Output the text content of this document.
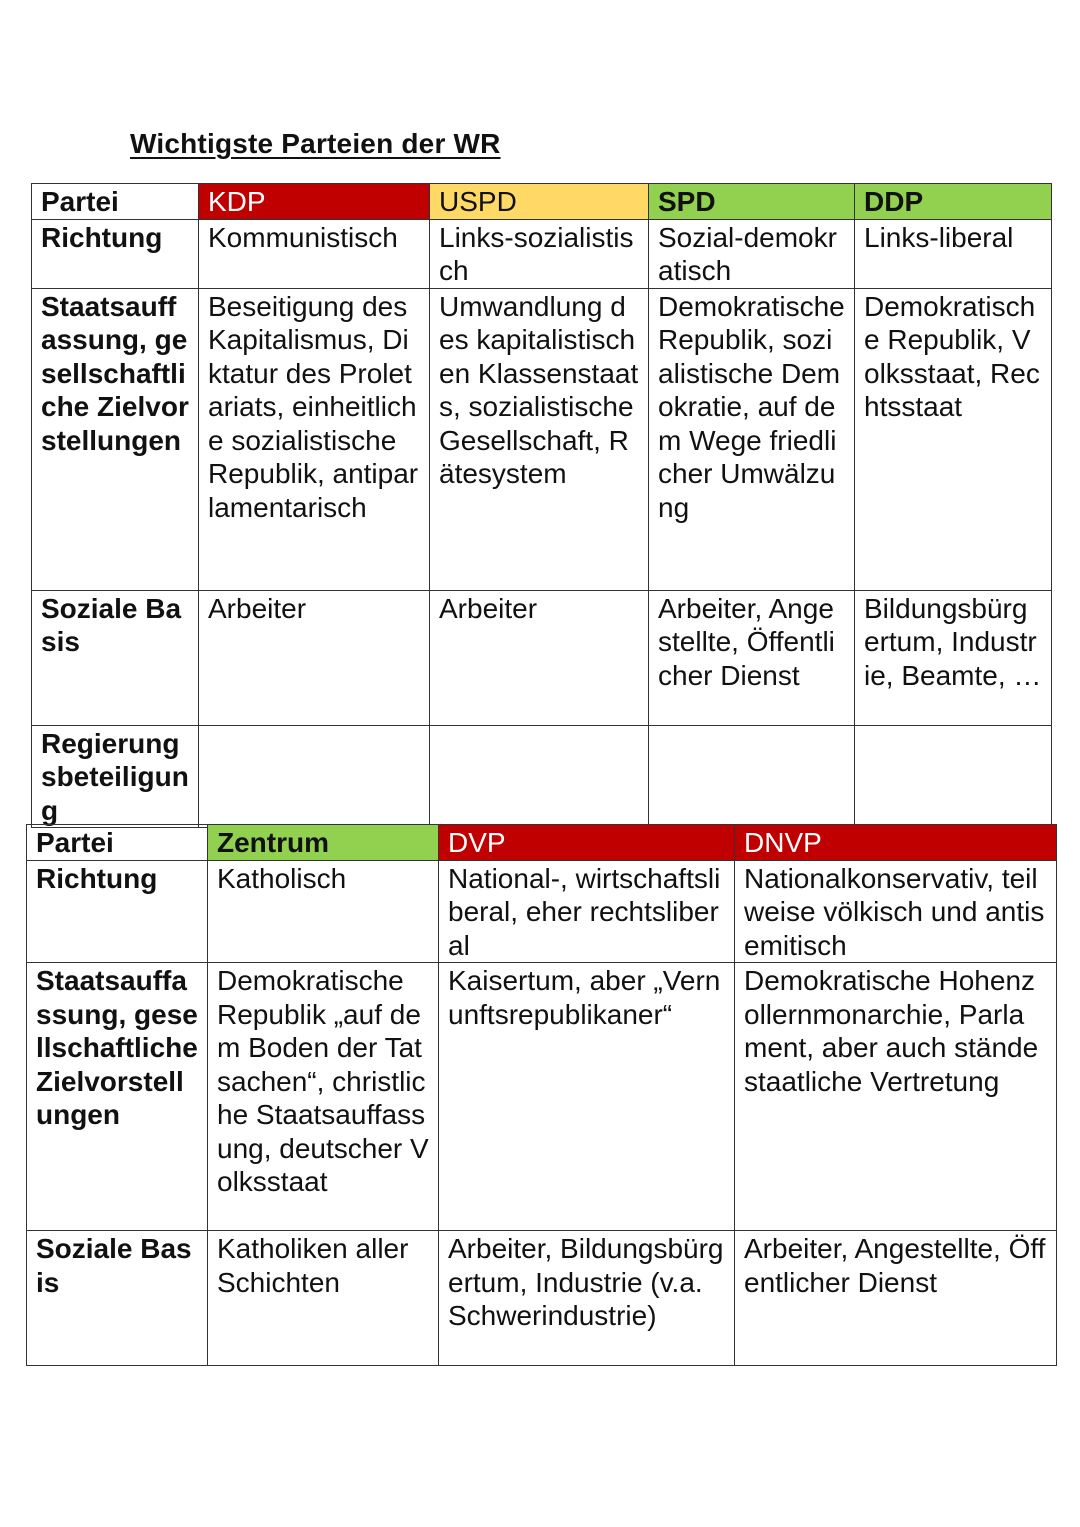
Wichtigste Parteien der WR
Partei	KDP	USPD	SPD	DDP
Richtung	Kommunistisch	Links-sozialistisch	Sozial-demokratisch	Links-liberal
Staatsauffassung, gesellschaftliche Zielvorstellungen	Beseitigung des Kapitalismus, Diktatur des Proletariats, einheitliche sozialistische Republik, antiparlamentarisch	Umwandlung des kapitalistischen Klassenstaats, sozialistische Gesellschaft, Rätesystem	Demokratische Republik, sozialistische Demokratie, auf dem Wege friedlicher Umwälzung	Demokratische Republik, Volksstaat, Rechtsstaat
Soziale Basis	Arbeiter	Arbeiter	Arbeiter, Angestellte, Öffentlicher Dienst	Bildungsbürgertum, Industrie, Beamte, …
Regierungsbeteiligung				
Partei	Zentrum	DVP	DNVP
Richtung	Katholisch	National-, wirtschaftsliberal, eher rechtsliberal	Nationalkonservativ, teilweise völkisch und antisemitisch
Staatsauffassung, gesellschaftliche Zielvorstellungen	Demokratische Republik „auf dem Boden der Tatsachen“, christliche Staatsauffassung, deutscher Volksstaat	Kaisertum, aber „Vernunftsrepublikaner“	Demokratische Hohenzollernmonarchie, Parlament, aber auch ständestaatliche Vertretung
Soziale Basis	Katholiken aller Schichten	Arbeiter, Bildungsbürgertum, Industrie (v.a. Schwerindustrie)	Arbeiter, Angestellte, Öffentlicher Dienst
